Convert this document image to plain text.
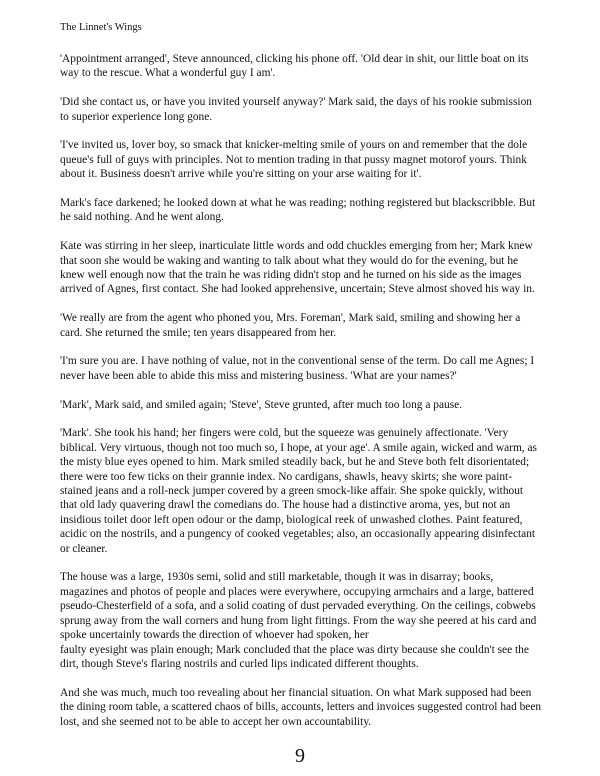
The Linnet's Wings

'Appointment arranged', Steve announced, clicking his phone off. 'Old dear in shit, our little boat on its way to the rescue. What a wonderful guy I am'.

'Did she contact us, or have you invited yourself anyway?' Mark said, the days of his rookie submission to superior experience long gone.

'I've invited us, lover boy, so smack that knicker-melting smile of yours on and remember that the dole queue's full of guys with principles. Not to mention trading in that pussy magnet motorof yours. Think about it. Business doesn't arrive while you're sitting on your arse waiting for it'.

Mark's face darkened; he looked down at what he was reading; nothing registered but blackscribble. But he said nothing. And he went along.

Kate was stirring in her sleep, inarticulate little words and odd chuckles emerging from her; Mark knew that soon she would be waking and wanting to talk about what they would do for the evening, but he knew well enough now that the train he was riding didn't stop and he turned on his side as the images arrived of Agnes, first contact. She had looked apprehensive, uncertain; Steve almost shoved his way in.

'We really are from the agent who phoned you, Mrs. Foreman', Mark said, smiling and showing her a card. She returned the smile; ten years disappeared from her.

'I'm sure you are. I have nothing of value, not in the conventional sense of the term. Do call me Agnes; I never have been able to abide this miss and mistering business. 'What are your names?'

'Mark', Mark said, and smiled again; 'Steve', Steve grunted, after much too long a pause.

'Mark'. She took his hand; her fingers were cold, but the squeeze was genuinely affectionate. 'Very biblical. Very virtuous, though not too much so, I hope, at your age'. A smile again, wicked and warm, as the misty blue eyes opened to him. Mark smiled steadily back, but he and Steve both felt disorientated; there were too few ticks on their grannie index. No cardigans, shawls, heavy skirts; she wore paint-stained jeans and a roll-neck jumper covered by a green smock-like affair. She spoke quickly, without that old lady quavering drawl the comedians do. The house had a distinctive aroma, yes, but not an insidious toilet door left open odour or the damp, biological reek of unwashed clothes. Paint featured, acidic on the nostrils, and a pungency of cooked vegetables; also, an occasionally appearing disinfectant or cleaner.

The house was a large, 1930s semi, solid and still marketable, though it was in disarray; books, magazines and photos of people and places were everywhere, occupying armchairs and a large, battered pseudo-Chesterfield of a sofa, and a solid coating of dust pervaded everything. On the ceilings, cobwebs sprung away from the wall corners and hung from light fittings. From the way she peered at his card and spoke uncertainly towards the direction of whoever had spoken, her
faulty eyesight was plain enough; Mark concluded that the place was dirty because she couldn't see the dirt, though Steve's flaring nostrils and curled lips indicated different thoughts.

And she was much, much too revealing about her financial situation. On what Mark supposed had been the dining room table, a scattered chaos of bills, accounts, letters and invoices suggested control had been lost, and she seemed not to be able to accept her own accountability.

9
